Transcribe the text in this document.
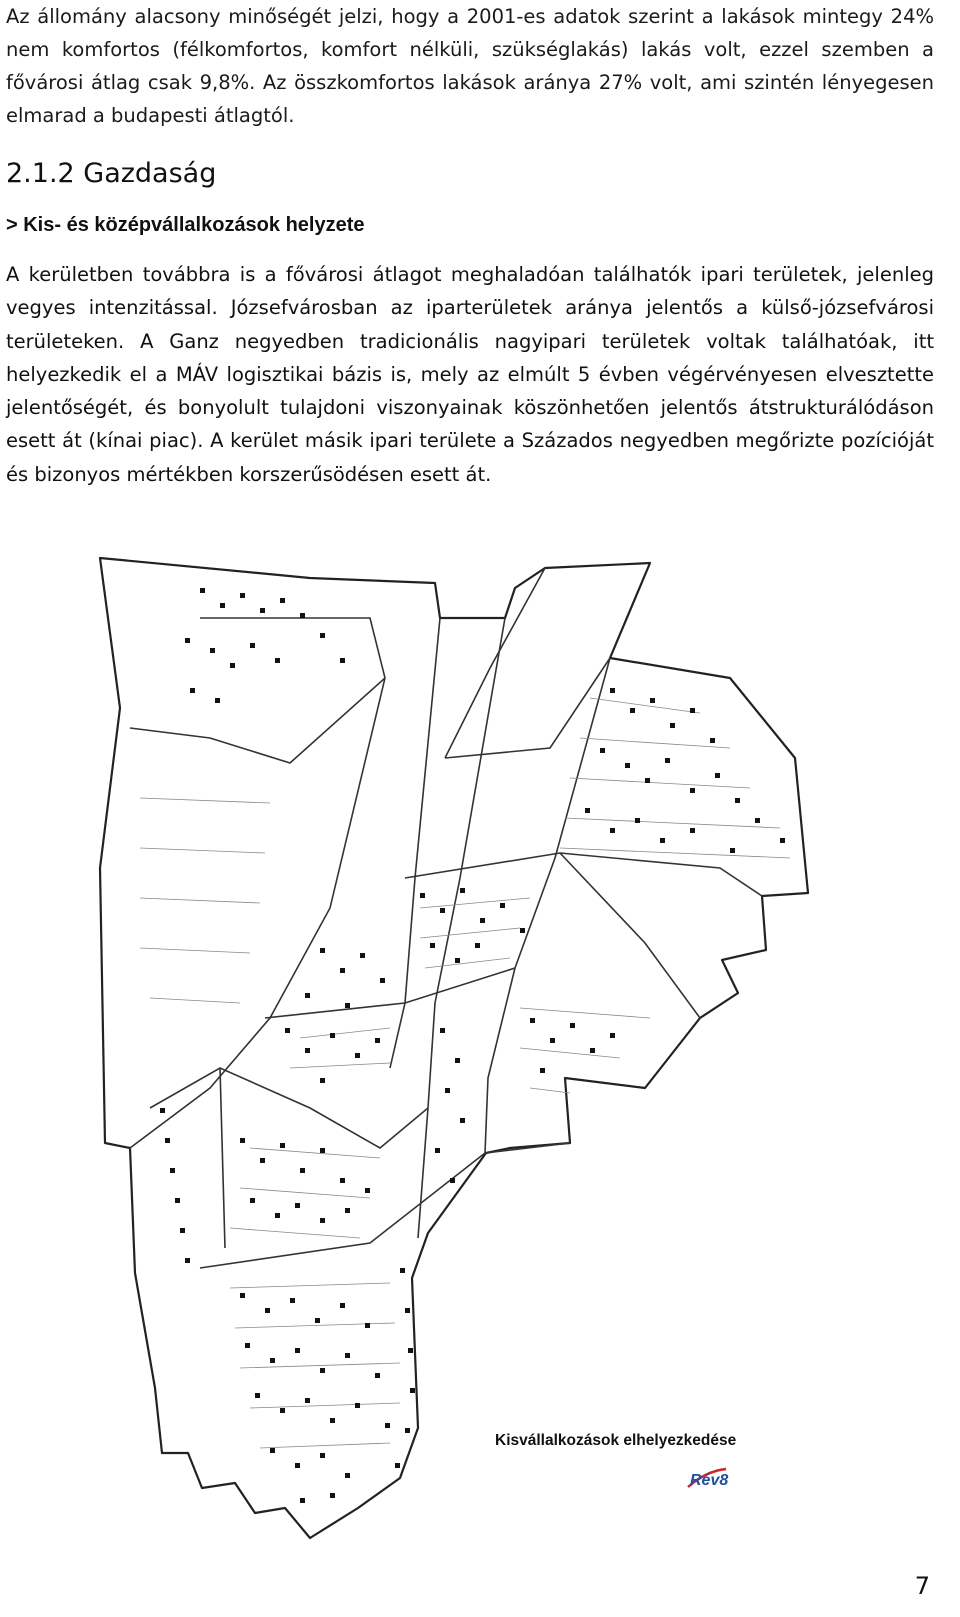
Az állomány alacsony minőségét jelzi, hogy a 2001-es adatok szerint a lakások mintegy 24% nem komfortos (félkomfortos, komfort nélküli, szükséglakás) lakás volt, ezzel szemben a fővárosi átlag csak 9,8%. Az összkomfortos lakások aránya 27% volt, ami szintén lényegesen elmarad a budapesti átlagtól.

2.1.2 Gazdaság
> Kis- és középvállalkozások helyzete

A kerületben továbbra is a fővárosi átlagot meghaladóan találhatók ipari területek, jelenleg vegyes intenzitással. Józsefvárosban az iparterületek aránya jelentős a külső-józsefvárosi területeken. A Ganz negyedben tradicionális nagyipari területek voltak találhatóak, itt helyezkedik el a MÁV logisztikai bázis is, mely az elmúlt 5 évben végérvényesen elvesztette jelentőségét, és bonyolult tulajdoni viszonyainak köszönhetően jelentős átstrukturálódáson esett át (kínai piac). A kerület másik ipari területe a Százados negyedben megőrizte pozícióját és bizonyos mértékben korszerűsödésen esett át.

Kisvállalkozások elhelyezkedése

Rév8

7
